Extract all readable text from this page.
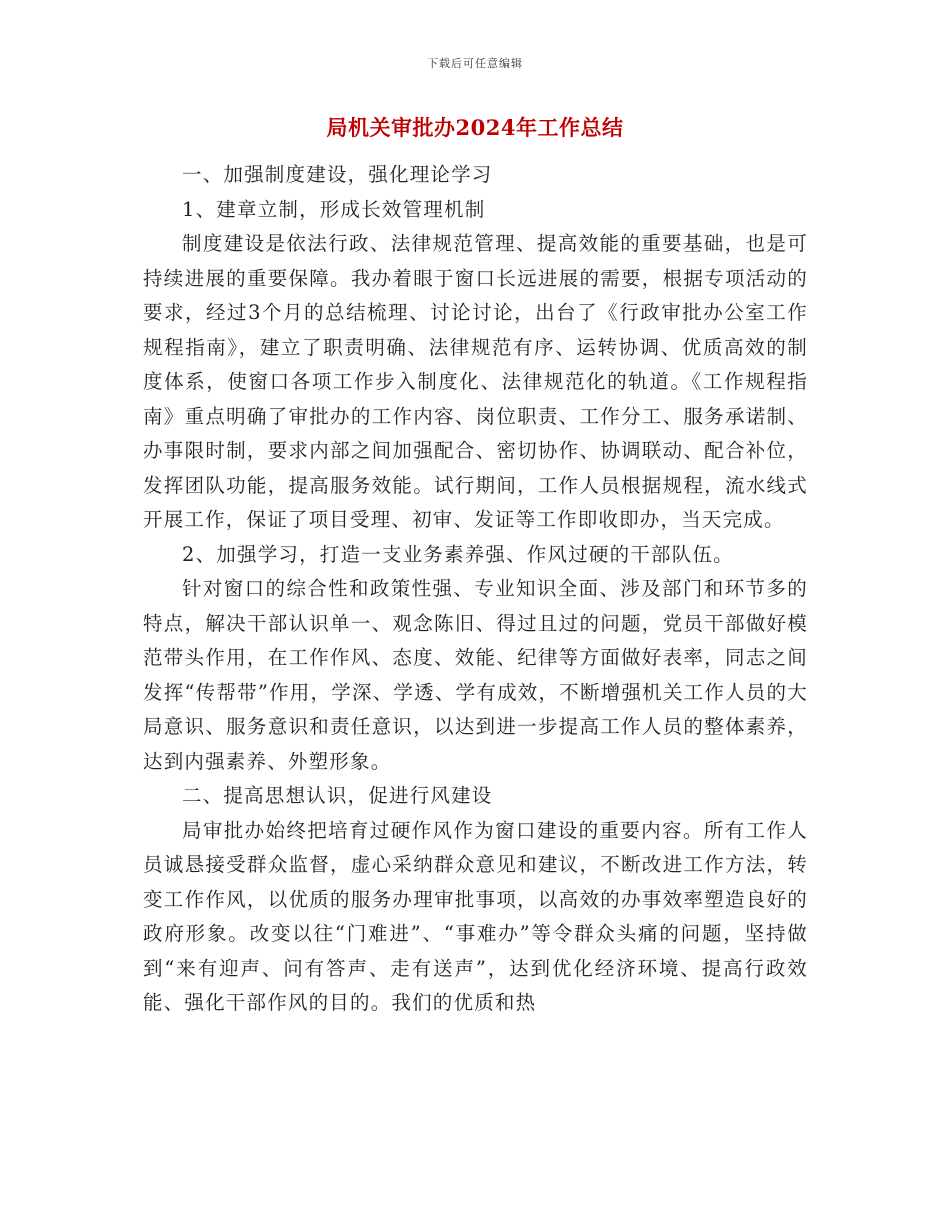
下载后可任意编辑
局机关审批办2024年工作总结

一、加强制度建设，强化理论学习

1、建章立制，形成长效管理机制

制度建设是依法行政、法律规范管理、提高效能的重要基础，也是可持续进展的重要保障。我办着眼于窗口长远进展的需要，根据专项活动的要求，经过3个月的总结梳理、讨论讨论，出台了《行政审批办公室工作规程指南》，建立了职责明确、法律规范有序、运转协调、优质高效的制度体系，使窗口各项工作步入制度化、法律规范化的轨道。《工作规程指南》重点明确了审批办的工作内容、岗位职责、工作分工、服务承诺制、办事限时制，要求内部之间加强配合、密切协作、协调联动、配合补位，发挥团队功能，提高服务效能。试行期间，工作人员根据规程，流水线式开展工作，保证了项目受理、初审、发证等工作即收即办，当天完成。

2、加强学习，打造一支业务素养强、作风过硬的干部队伍。

针对窗口的综合性和政策性强、专业知识全面、涉及部门和环节多的特点，解决干部认识单一、观念陈旧、得过且过的问题，党员干部做好模范带头作用，在工作作风、态度、效能、纪律等方面做好表率，同志之间发挥“传帮带”作用，学深、学透、学有成效，不断增强机关工作人员的大局意识、服务意识和责任意识，以达到进一步提高工作人员的整体素养，达到内强素养、外塑形象。

二、提高思想认识，促进行风建设

局审批办始终把培育过硬作风作为窗口建设的重要内容。所有工作人员诚恳接受群众监督，虚心采纳群众意见和建议，不断改进工作方法，转变工作作风，以优质的服务办理审批事项，以高效的办事效率塑造良好的政府形象。改变以往“门难进”、“事难办”等令群众头痛的问题，坚持做到“来有迎声、问有答声、走有送声”，达到优化经济环境、提高行政效能、强化干部作风的目的。我们的优质和热
